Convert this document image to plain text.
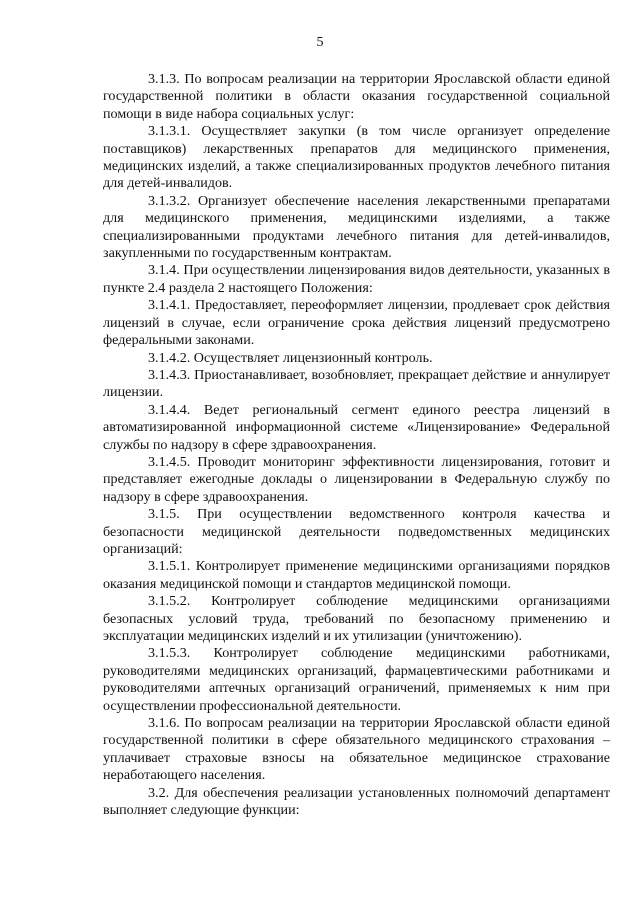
5

3.1.3. По вопросам реализации на территории Ярославской области единой государственной политики в области оказания государственной социальной помощи в виде набора социальных услуг:

3.1.3.1. Осуществляет закупки (в том числе организует определение поставщиков) лекарственных препаратов для медицинского применения, медицинских изделий, а также специализированных продуктов лечебного питания для детей-инвалидов.

3.1.3.2. Организует обеспечение населения лекарственными препаратами для медицинского применения, медицинскими изделиями, а также специализированными продуктами лечебного питания для детей-инвалидов, закупленными по государственным контрактам.

3.1.4. При осуществлении лицензирования видов деятельности, указанных в пункте 2.4 раздела 2 настоящего Положения:

3.1.4.1. Предоставляет, переоформляет лицензии, продлевает срок действия лицензий в случае, если ограничение срока действия лицензий предусмотрено федеральными законами.

3.1.4.2. Осуществляет лицензионный контроль.

3.1.4.3. Приостанавливает, возобновляет, прекращает действие и аннулирует лицензии.

3.1.4.4. Ведет региональный сегмент единого реестра лицензий в автоматизированной информационной системе «Лицензирование» Федеральной службы по надзору в сфере здравоохранения.

3.1.4.5. Проводит мониторинг эффективности лицензирования, готовит и представляет ежегодные доклады о лицензировании в Федеральную службу по надзору в сфере здравоохранения.

3.1.5. При осуществлении ведомственного контроля качества и безопасности медицинской деятельности подведомственных медицинских организаций:

3.1.5.1. Контролирует применение медицинскими организациями порядков оказания медицинской помощи и стандартов медицинской помощи.

3.1.5.2. Контролирует соблюдение медицинскими организациями безопасных условий труда, требований по безопасному применению и эксплуатации медицинских изделий и их утилизации (уничтожению).

3.1.5.3. Контролирует соблюдение медицинскими работниками, руководителями медицинских организаций, фармацевтическими работниками и руководителями аптечных организаций ограничений, применяемых к ним при осуществлении профессиональной деятельности.

3.1.6. По вопросам реализации на территории Ярославской области единой государственной политики в сфере обязательного медицинского страхования – уплачивает страховые взносы на обязательное медицинское страхование неработающего населения.

3.2. Для обеспечения реализации установленных полномочий департамент выполняет следующие функции:
